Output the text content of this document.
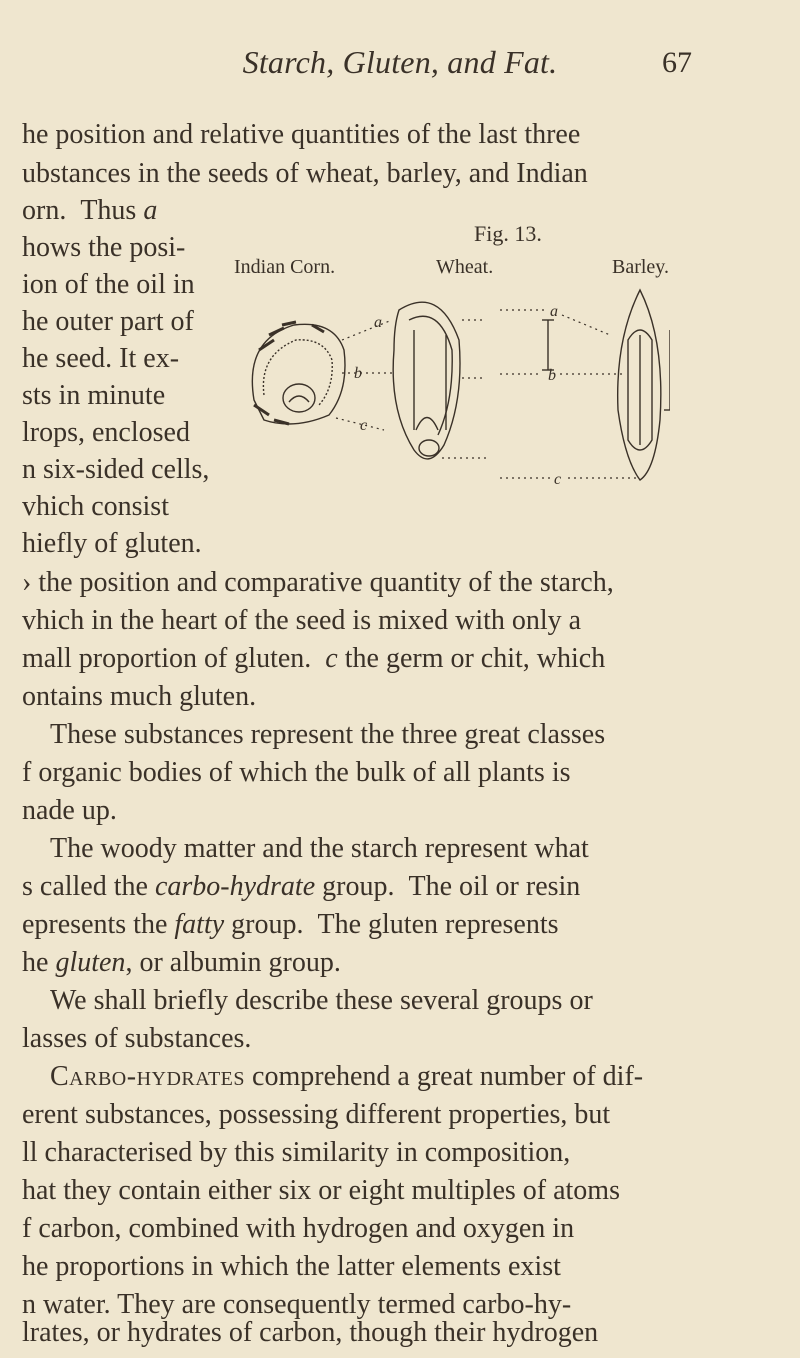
Starch, Gluten, and Fat.	67
Fig. 13.
Indian Corn.	Wheat.	Barley.
a
b
c
a
b
c
he position and relative quantities of the last three
ubstances in the seeds of wheat, barley, and Indian
orn.  Thus a
hows the posi-
ion of the oil in
he outer part of
he seed. It ex-
sts in minute
lrops, enclosed
n six-sided cells,
vhich consist
hiefly of gluten.
› the position and comparative quantity of the starch,
vhich in the heart of the seed is mixed with only a
mall proportion of gluten.  c the germ or chit, which
ontains much gluten.
These substances represent the three great classes
f organic bodies of which the bulk of all plants is
nade up.
The woody matter and the starch represent what
s called the carbo-hydrate group.  The oil or resin
epresents the fatty group.  The gluten represents
he gluten, or albumin group.
We shall briefly describe these several groups or
lasses of substances.
Carbo-hydrates comprehend a great number of dif-
erent substances, possessing different properties, but
ll characterised by this similarity in composition,
hat they contain either six or eight multiples of atoms
f carbon, combined with hydrogen and oxygen in
he proportions in which the latter elements exist
n water. They are consequently termed carbo-hy-
lrates, or hydrates of carbon, though their hydrogen
